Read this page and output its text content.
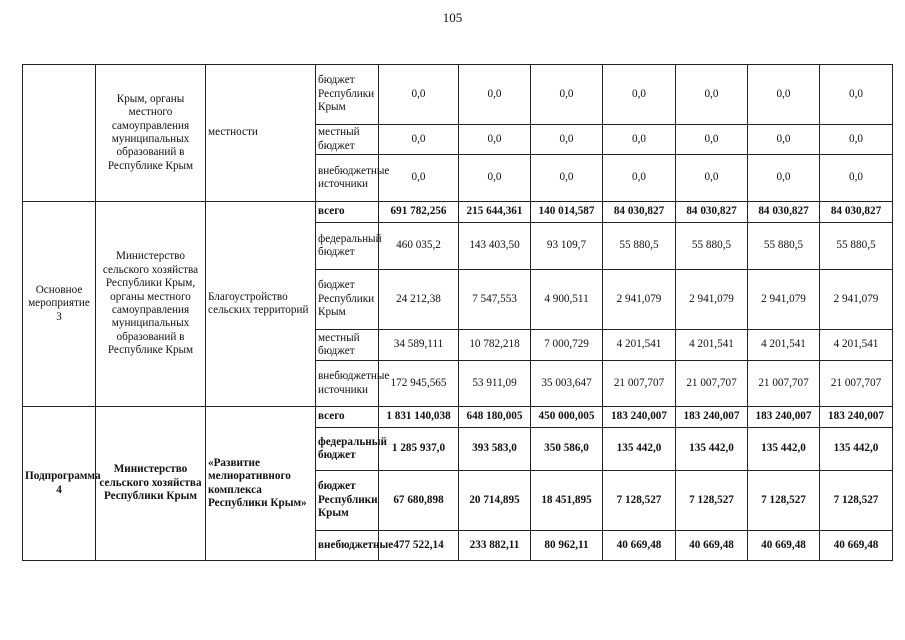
105
	Крым, органы местного самоуправления муниципальных образований в Республике Крым	местности	бюджет Республики Крым	0,0	0,0	0,0	0,0	0,0	0,0	0,0
			местный бюджет	0,0	0,0	0,0	0,0	0,0	0,0	0,0
			внебюджетные источники	0,0	0,0	0,0	0,0	0,0	0,0	0,0
Основное мероприятие 3	Министерство сельского хозяйства Республики Крым, органы местного самоуправления муниципальных образований в Республике Крым	Благоустройство сельских территорий	всего	691 782,256	215 644,361	140 014,587	84 030,827	84 030,827	84 030,827	84 030,827
			федеральный бюджет	460 035,2	143 403,50	93 109,7	55 880,5	55 880,5	55 880,5	55 880,5
			бюджет Республики Крым	24 212,38	7 547,553	4 900,511	2 941,079	2 941,079	2 941,079	2 941,079
			местный бюджет	34 589,111	10 782,218	7 000,729	4 201,541	4 201,541	4 201,541	4 201,541
			внебюджетные источники	172 945,565	53 911,09	35 003,647	21 007,707	21 007,707	21 007,707	21 007,707
Подпрограмма 4	Министерство сельского хозяйства Республики Крым	«Развитие мелиоративного комплекса Республики Крым»	всего	1 831 140,038	648 180,005	450 000,005	183 240,007	183 240,007	183 240,007	183 240,007
			федеральный бюджет	1 285 937,0	393 583,0	350 586,0	135 442,0	135 442,0	135 442,0	135 442,0
			бюджет Республики Крым	67 680,898	20 714,895	18 451,895	7 128,527	7 128,527	7 128,527	7 128,527
			внебюджетные	477 522,14	233 882,11	80 962,11	40 669,48	40 669,48	40 669,48	40 669,48
